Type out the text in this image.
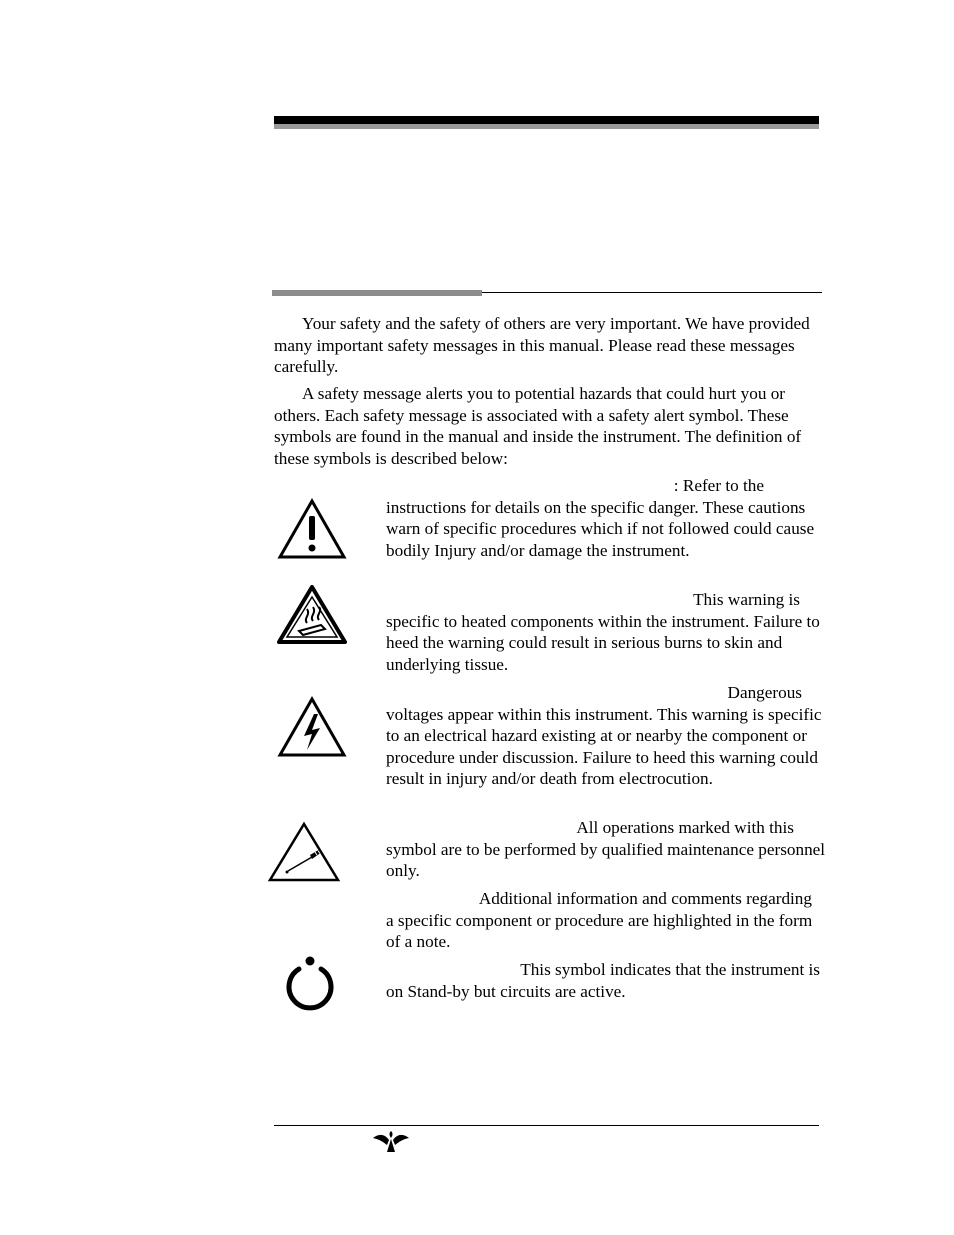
Your safety and the safety of others are very important. We have provided many important safety messages in this manual. Please read these messages carefully.

A safety message alerts you to potential hazards that could hurt you or others. Each safety message is associated with a safety alert symbol. These symbols are found in the manual and inside the instrument. The definition of these symbols is described below:

: Refer to the
instructions for details on the specific danger. These cautions warn of specific procedures which if not followed could cause bodily Injury and/or damage the instrument.
This warning is
specific to heated components within the instrument. Failure to heed the warning could result in serious burns to skin and underlying tissue.
Dangerous
voltages appear within this instrument. This warning is specific to an electrical hazard existing at or nearby the component or procedure under discussion. Failure to heed this warning could result in injury and/or death from electrocution.
All operations marked with this
symbol are to be performed by qualified maintenance personnel only.
Additional information and comments regarding
a specific component or procedure are highlighted in the form of a note.
This symbol indicates that the instrument is
on Stand-by but circuits are active.
